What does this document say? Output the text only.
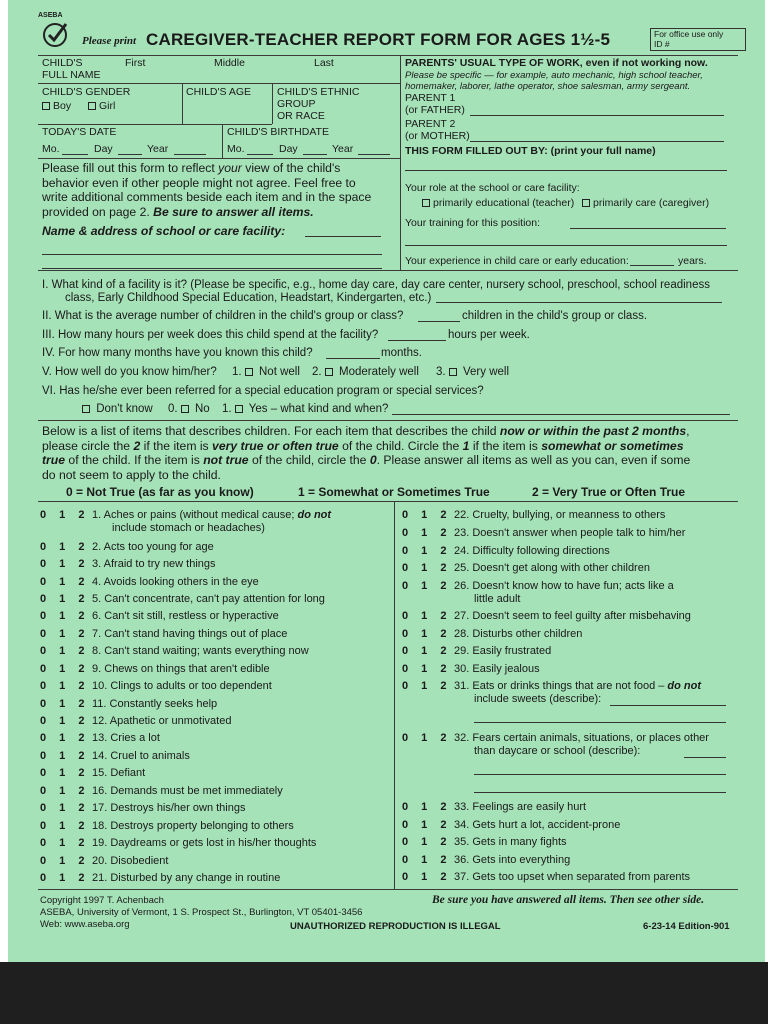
ASEBA
Please print CAREGIVER-TEACHER REPORT FORM FOR AGES 1½-5	For office use only
ID #
CHILD'S
FULL NAME
First	Middle	Last
CHILD'S GENDER
Boy	Girl
CHILD'S AGE CHILD'S ETHNIC
GROUP
OR RACE
TODAY'S DATE
Mo.	Day	Year
CHILD'S BIRTHDATE
Mo.	Day	Year
PARENTS' USUAL TYPE OF WORK, even if not working now.
Please be specific — for example, auto mechanic, high school teacher,
homemaker, laborer, lathe operator, shoe salesman, army sergeant.
PARENT 1
(or FATHER)
PARENT 2
(or MOTHER)
THIS FORM FILLED OUT BY: (print your full name)
Please fill out this form to reflect your view of the child's
behavior even if other people might not agree. Feel free to
write additional comments beside each item and in the space
provided on page 2. Be sure to answer all items.
Name & address of school or care facility:
Your role at the school or care facility:
primarily educational (teacher)	primarily care (caregiver)
Your training for this position:
Your experience in child care or early education:	years.
I. What kind of a facility is it? (Please be specific, e.g., home day care, day care center, nursery school, preschool, school readiness
class, Early Childhood Special Education, Headstart, Kindergarten, etc.)
II. What is the average number of children in the child's group or class?	children in the child's group or class.
III. How many hours per week does this child spend at the facility?	hours per week.
IV. For how many months have you known this child?	months.
V. How well do you know him/her? 1. Not well 2. Moderately well 3. Very well
VI. Has he/she ever been referred for a special education program or special services?
Don't know 0. No 1. Yes – what kind and when?
Below is a list of items that describes children. For each item that describes the child now or within the past 2 months,
please circle the 2 if the item is very true or often true of the child. Circle the 1 if the item is somewhat or sometimes
true of the child. If the item is not true of the child, circle the 0. Please answer all items as well as you can, even if some
do not seem to apply to the child.
0 = Not True (as far as you know)	1 = Somewhat or Sometimes True	2 = Very True or Often True
0 1 2 1. Aches or pains (without medical cause; do not
include stomach or headaches)
0 1 2 2. Acts too young for age
0 1 2 3. Afraid to try new things
0 1 2 4. Avoids looking others in the eye
0 1 2 5. Can't concentrate, can't pay attention for long
0 1 2 6. Can't sit still, restless or hyperactive
0 1 2 7. Can't stand having things out of place
0 1 2 8. Can't stand waiting; wants everything now
0 1 2 9. Chews on things that aren't edible
0 1 2 10. Clings to adults or too dependent
0 1 2 11. Constantly seeks help
0 1 2 12. Apathetic or unmotivated
0 1 2 13. Cries a lot
0 1 2 14. Cruel to animals
0 1 2 15. Defiant
0 1 2 16. Demands must be met immediately
0 1 2 17. Destroys his/her own things
0 1 2 18. Destroys property belonging to others
0 1 2 19. Daydreams or gets lost in his/her thoughts
0 1 2 20. Disobedient
0 1 2 21. Disturbed by any change in routine
0 1 2 22. Cruelty, bullying, or meanness to others
0 1 2 23. Doesn't answer when people talk to him/her
0 1 2 24. Difficulty following directions
0 1 2 25. Doesn't get along with other children
0 1 2 26. Doesn't know how to have fun; acts like a
little adult
0 1 2 27. Doesn't seem to feel guilty after misbehaving
0 1 2 28. Disturbs other children
0 1 2 29. Easily frustrated
0 1 2 30. Easily jealous
0 1 2 31. Eats or drinks things that are not food – do not
include sweets (describe):
0 1 2 32. Fears certain animals, situations, or places other
than daycare or school (describe):
0 1 2 33. Feelings are easily hurt
0 1 2 34. Gets hurt a lot, accident-prone
0 1 2 35. Gets in many fights
0 1 2 36. Gets into everything
0 1 2 37. Gets too upset when separated from parents
Copyright 1997 T. Achenbach
ASEBA, University of Vermont, 1 S. Prospect St., Burlington, VT 05401-3456
Web: www.aseba.org
Be sure you have answered all items. Then see other side.
UNAUTHORIZED REPRODUCTION IS ILLEGAL	6-23-14 Edition-901
